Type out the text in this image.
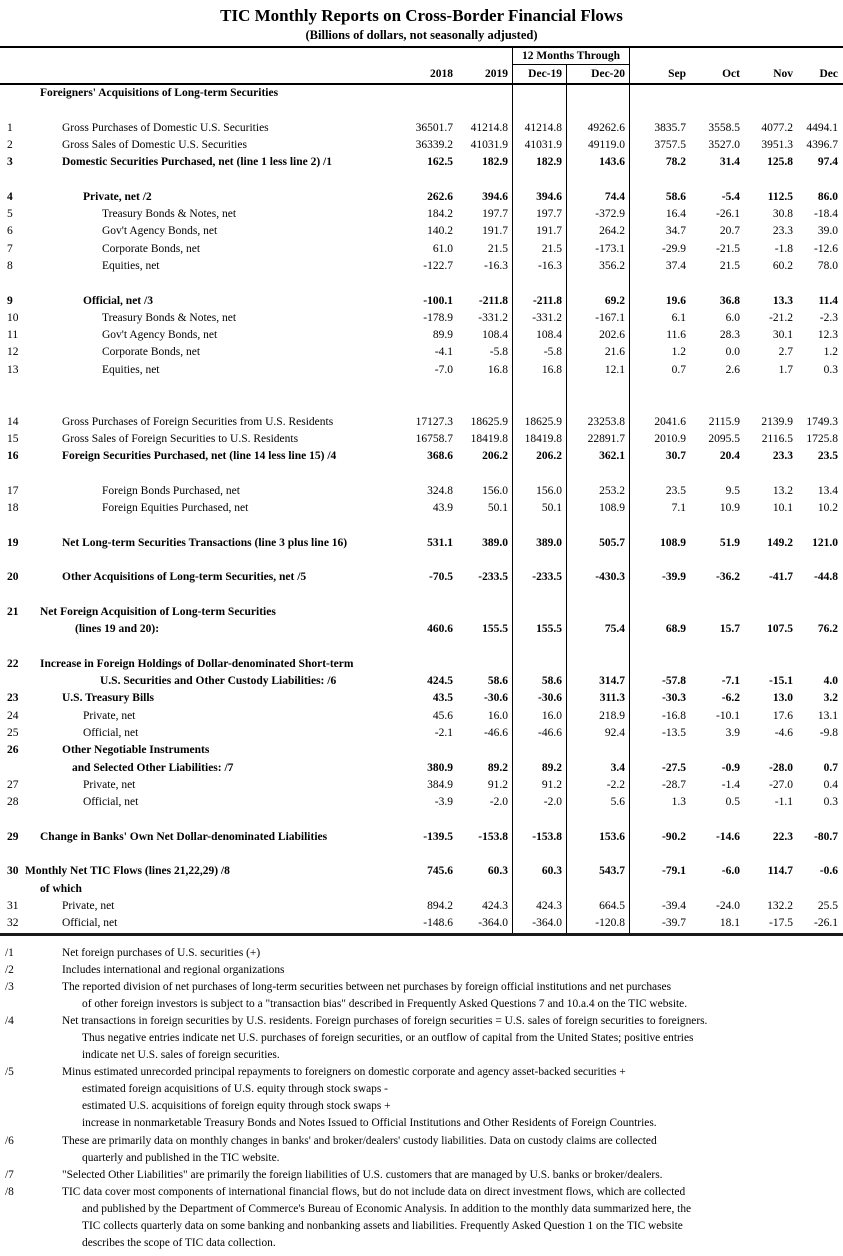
TIC Monthly Reports on Cross-Border Financial Flows
(Billions of dollars, not seasonally adjusted)
12 Months Through
2018	2019	Dec-19	Dec-20	Sep	Oct	Nov	Dec
Foreigners' Acquisitions of Long-term Securities
1	Gross Purchases of Domestic U.S. Securities	36501.7	41214.8	41214.8	49262.6	3835.7	3558.5	4077.2	4494.1
2	Gross Sales of Domestic U.S. Securities	36339.2	41031.9	41031.9	49119.0	3757.5	3527.0	3951.3	4396.7
3	Domestic Securities Purchased, net (line 1 less line 2) /1	162.5	182.9	182.9	143.6	78.2	31.4	125.8	97.4
4	Private, net /2	262.6	394.6	394.6	74.4	58.6	-5.4	112.5	86.0
5	Treasury Bonds & Notes, net	184.2	197.7	197.7	-372.9	16.4	-26.1	30.8	-18.4
6	Gov't Agency Bonds, net	140.2	191.7	191.7	264.2	34.7	20.7	23.3	39.0
7	Corporate Bonds, net	61.0	21.5	21.5	-173.1	-29.9	-21.5	-1.8	-12.6
8	Equities, net	-122.7	-16.3	-16.3	356.2	37.4	21.5	60.2	78.0
9	Official, net /3	-100.1	-211.8	-211.8	69.2	19.6	36.8	13.3	11.4
10	Treasury Bonds & Notes, net	-178.9	-331.2	-331.2	-167.1	6.1	6.0	-21.2	-2.3
11	Gov't Agency Bonds, net	89.9	108.4	108.4	202.6	11.6	28.3	30.1	12.3
12	Corporate Bonds, net	-4.1	-5.8	-5.8	21.6	1.2	0.0	2.7	1.2
13	Equities, net	-7.0	16.8	16.8	12.1	0.7	2.6	1.7	0.3
14	Gross Purchases of Foreign Securities from U.S. Residents	17127.3	18625.9	18625.9	23253.8	2041.6	2115.9	2139.9	1749.3
15	Gross Sales of Foreign Securities to U.S. Residents	16758.7	18419.8	18419.8	22891.7	2010.9	2095.5	2116.5	1725.8
16	Foreign Securities Purchased, net (line 14 less line 15) /4	368.6	206.2	206.2	362.1	30.7	20.4	23.3	23.5
17	Foreign Bonds Purchased, net	324.8	156.0	156.0	253.2	23.5	9.5	13.2	13.4
18	Foreign Equities Purchased, net	43.9	50.1	50.1	108.9	7.1	10.9	10.1	10.2
19	Net Long-term Securities Transactions (line 3 plus line 16)	531.1	389.0	389.0	505.7	108.9	51.9	149.2	121.0
20	Other Acquisitions of Long-term Securities, net /5	-70.5	-233.5	-233.5	-430.3	-39.9	-36.2	-41.7	-44.8
21 Net Foreign Acquisition of Long-term Securities
(lines 19 and 20):	460.6	155.5	155.5	75.4	68.9	15.7	107.5	76.2
22 Increase in Foreign Holdings of Dollar-denominated Short-term
U.S. Securities and Other Custody Liabilities: /6	424.5	58.6	58.6	314.7	-57.8	-7.1	-15.1	4.0
23	U.S. Treasury Bills	43.5	-30.6	-30.6	311.3	-30.3	-6.2	13.0	3.2
24	Private, net	45.6	16.0	16.0	218.9	-16.8	-10.1	17.6	13.1
25	Official, net	-2.1	-46.6	-46.6	92.4	-13.5	3.9	-4.6	-9.8
26	Other Negotiable Instruments
and Selected Other Liabilities: /7	380.9	89.2	89.2	3.4	-27.5	-0.9	-28.0	0.7
27	Private, net	384.9	91.2	91.2	-2.2	-28.7	-1.4	-27.0	0.4
28	Official, net	-3.9	-2.0	-2.0	5.6	1.3	0.5	-1.1	0.3
29 Change in Banks' Own Net Dollar-denominated Liabilities	-139.5	-153.8	-153.8	153.6	-90.2	-14.6	22.3	-80.7
30 Monthly Net TIC Flows (lines 21,22,29) /8	745.6	60.3	60.3	543.7	-79.1	-6.0	114.7	-0.6
of which
31	Private, net	894.2	424.3	424.3	664.5	-39.4	-24.0	132.2	25.5
32	Official, net	-148.6	-364.0	-364.0	-120.8	-39.7	18.1	-17.5	-26.1
/1	Net foreign purchases of U.S. securities (+)
/2	Includes international and regional organizations
/3	The reported division of net purchases of long-term securities between net purchases by foreign official institutions and net purchases
of other foreign investors is subject to a "transaction bias" described in Frequently Asked Questions 7 and 10.a.4 on the TIC website.
/4	Net transactions in foreign securities by U.S. residents. Foreign purchases of foreign securities = U.S. sales of foreign securities to foreigners.
Thus negative entries indicate net U.S. purchases of foreign securities, or an outflow of capital from the United States; positive entries
indicate net U.S. sales of foreign securities.
/5	Minus estimated unrecorded principal repayments to foreigners on domestic corporate and agency asset-backed securities +
estimated foreign acquisitions of U.S. equity through stock swaps -
estimated U.S. acquisitions of foreign equity through stock swaps +
increase in nonmarketable Treasury Bonds and Notes Issued to Official Institutions and Other Residents of Foreign Countries.
/6	These are primarily data on monthly changes in banks' and broker/dealers' custody liabilities. Data on custody claims are collected
quarterly and published in the TIC website.
/7	"Selected Other Liabilities" are primarily the foreign liabilities of U.S. customers that are managed by U.S. banks or broker/dealers.
/8	TIC data cover most components of international financial flows, but do not include data on direct investment flows, which are collected
and published by the Department of Commerce's Bureau of Economic Analysis. In addition to the monthly data summarized here, the
TIC collects quarterly data on some banking and nonbanking assets and liabilities. Frequently Asked Question 1 on the TIC website
describes the scope of TIC data collection.
